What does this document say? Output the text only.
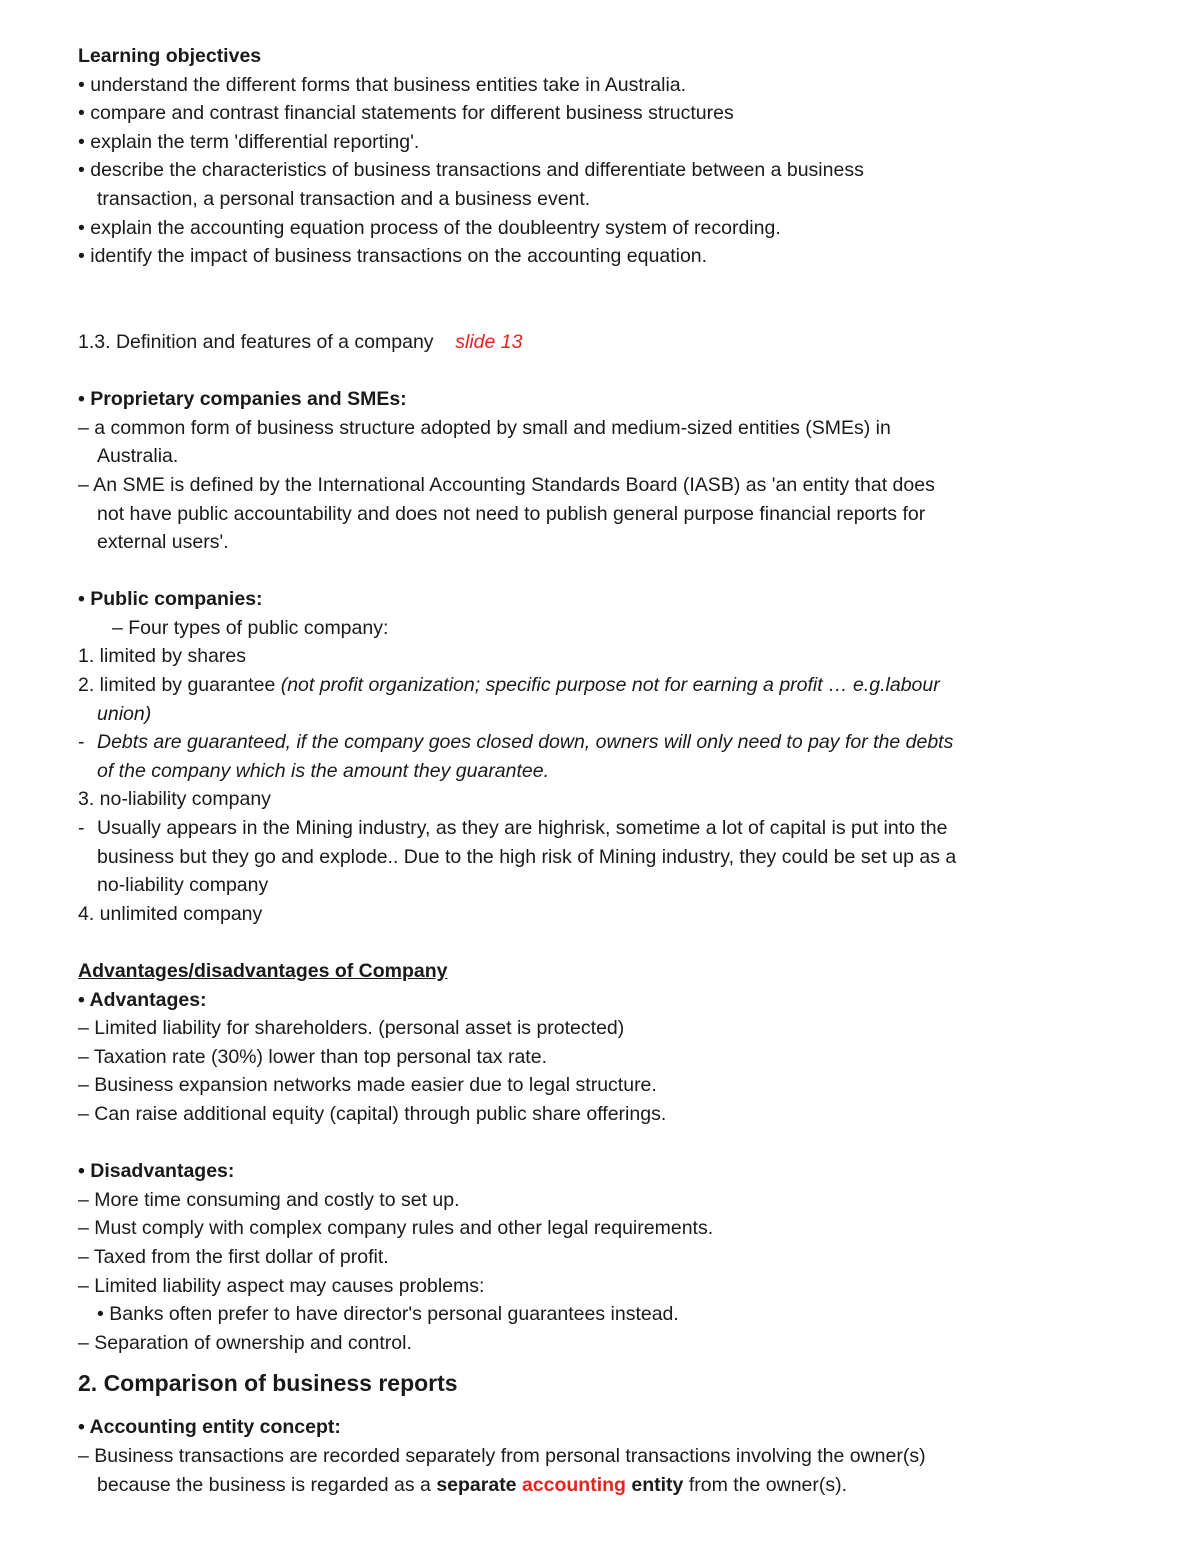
Learning objectives
• understand the different forms that business entities take in Australia.
• compare and contrast financial statements for different business structures
• explain the term 'differential reporting'.
• describe the characteristics of business transactions and differentiate between a business
transaction, a personal transaction and a business event.
• explain the accounting equation process of the doubleentry system of recording.
• identify the impact of business transactions on the accounting equation.
1.3. Definition and features of a company slide 13
• Proprietary companies and SMEs:
– a common form of business structure adopted by small and medium-sized entities (SMEs) in
Australia.
– An SME is defined by the International Accounting Standards Board (IASB) as 'an entity that does
not have public accountability and does not need to publish general purpose financial reports for
external users'.
• Public companies:
– Four types of public company:
1. limited by shares
2. limited by guarantee (not profit organization; specific purpose not for earning a profit … e.g.labour
union)
- Debts are guaranteed, if the company goes closed down, owners will only need to pay for the debts
of the company which is the amount they guarantee.
3. no-liability company
- Usually appears in the Mining industry, as they are highrisk, sometime a lot of capital is put into the
business but they go and explode.. Due to the high risk of Mining industry, they could be set up as a
no-liability company
4. unlimited company
Advantages/disadvantages of Company
• Advantages:
– Limited liability for shareholders. (personal asset is protected)
– Taxation rate (30%) lower than top personal tax rate.
– Business expansion networks made easier due to legal structure.
– Can raise additional equity (capital) through public share offerings.
• Disadvantages:
– More time consuming and costly to set up.
– Must comply with complex company rules and other legal requirements.
– Taxed from the first dollar of profit.
– Limited liability aspect may causes problems:
• Banks often prefer to have director's personal guarantees instead.
– Separation of ownership and control.
2. Comparison of business reports
• Accounting entity concept:
– Business transactions are recorded separately from personal transactions involving the owner(s)
because the business is regarded as a separate accounting entity from the owner(s).
